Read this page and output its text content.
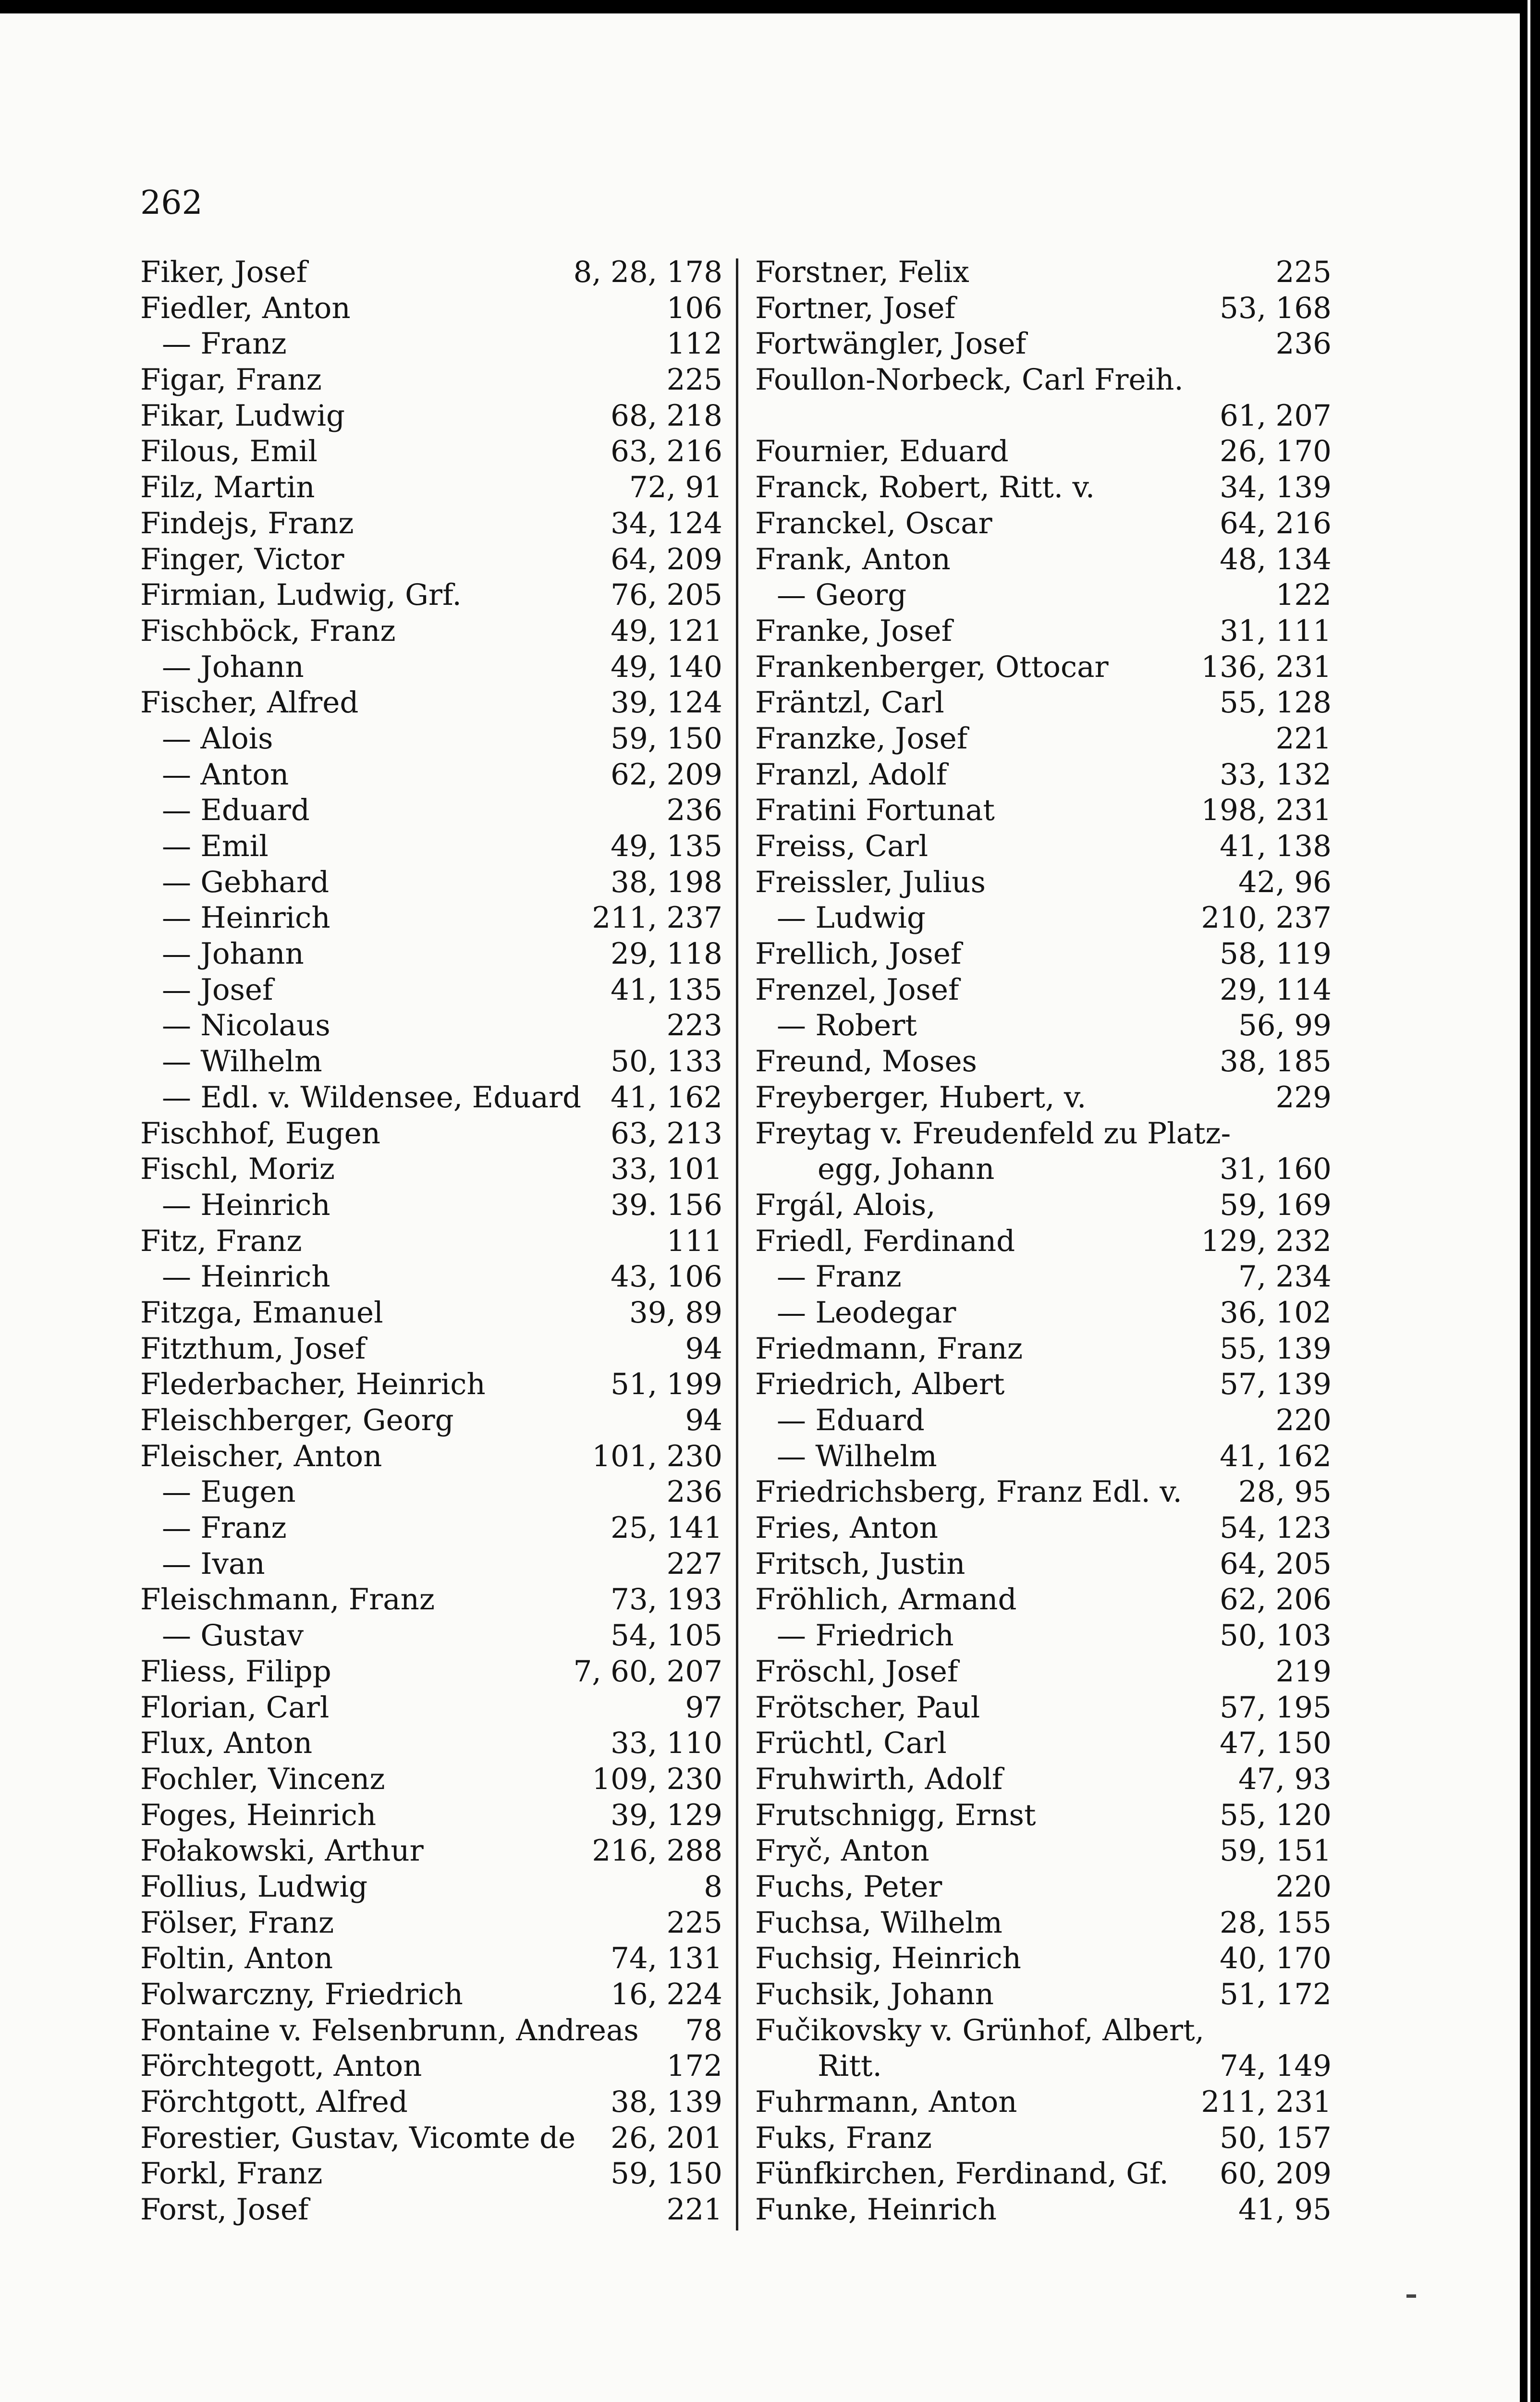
262
Fiker, Josef	8, 28, 178
Fiedler, Anton	106
— Franz	112
Figar, Franz	225
Fikar, Ludwig	68, 218
Filous, Emil	63, 216
Filz, Martin	72, 91
Findejs, Franz	34, 124
Finger, Victor	64, 209
Firmian, Ludwig, Grf.	76, 205
Fischböck, Franz	49, 121
— Johann	49, 140
Fischer, Alfred	39, 124
— Alois	59, 150
— Anton	62, 209
— Eduard	236
— Emil	49, 135
— Gebhard	38, 198
— Heinrich	211, 237
— Johann	29, 118
— Josef	41, 135
— Nicolaus	223
— Wilhelm	50, 133
— Edl. v. Wildensee, Eduard 41, 162
Fischhof, Eugen	63, 213
Fischl, Moriz	33, 101
— Heinrich	39. 156
Fitz, Franz	111
— Heinrich	43, 106
Fitzga, Emanuel	39, 89
Fitzthum, Josef	94
Flederbacher, Heinrich	51, 199
Fleischberger, Georg	94
Fleischer, Anton	101, 230
— Eugen	236
— Franz	25, 141
— Ivan	227
Fleischmann, Franz	73, 193
— Gustav	54, 105
Fliess, Filipp	7, 60, 207
Florian, Carl	97
Flux, Anton	33, 110
Fochler, Vincenz	109, 230
Foges, Heinrich	39, 129
Fołakowski, Arthur	216, 288
Follius, Ludwig	8
Fölser, Franz	225
Foltin, Anton	74, 131
Folwarczny, Friedrich	16, 224
Fontaine v. Felsenbrunn, Andreas 78
Förchtegott, Anton	172
Förchtgott, Alfred	38, 139
Forestier, Gustav, Vicomte de 26, 201
Forkl, Franz	59, 150
Forst, Josef	221
Forstner, Felix	225
Fortner, Josef	53, 168
Fortwängler, Josef	236
Foullon-Norbeck, Carl Freih.
61, 207
Fournier, Eduard	26, 170
Franck, Robert, Ritt. v.	34, 139
Franckel, Oscar	64, 216
Frank, Anton	48, 134
— Georg	122
Franke, Josef	31, 111
Frankenberger, Ottocar	136, 231
Fräntzl, Carl	55, 128
Franzke, Josef	221
Franzl, Adolf	33, 132
Fratini Fortunat	198, 231
Freiss, Carl	41, 138
Freissler, Julius	42, 96
— Ludwig	210, 237
Frellich, Josef	58, 119
Frenzel, Josef	29, 114
— Robert	56, 99
Freund, Moses	38, 185
Freyberger, Hubert, v.	229
Freytag v. Freudenfeld zu Platz-
egg, Johann	31, 160
Frgál, Alois,	59, 169
Friedl, Ferdinand	129, 232
— Franz	7, 234
— Leodegar	36, 102
Friedmann, Franz	55, 139
Friedrich, Albert	57, 139
— Eduard	220
— Wilhelm	41, 162
Friedrichsberg, Franz Edl. v. 28, 95
Fries, Anton	54, 123
Fritsch, Justin	64, 205
Fröhlich, Armand	62, 206
— Friedrich	50, 103
Fröschl, Josef	219
Frötscher, Paul	57, 195
Früchtl, Carl	47, 150
Fruhwirth, Adolf	47, 93
Frutschnigg, Ernst	55, 120
Fryč, Anton	59, 151
Fuchs, Peter	220
Fuchsa, Wilhelm	28, 155
Fuchsig, Heinrich	40, 170
Fuchsik, Johann	51, 172
Fučikovsky v. Grünhof, Albert,
Ritt.	74, 149
Fuhrmann, Anton	211, 231
Fuks, Franz	50, 157
Fünfkirchen, Ferdinand, Gf. 60, 209
Funke, Heinrich	41, 95
